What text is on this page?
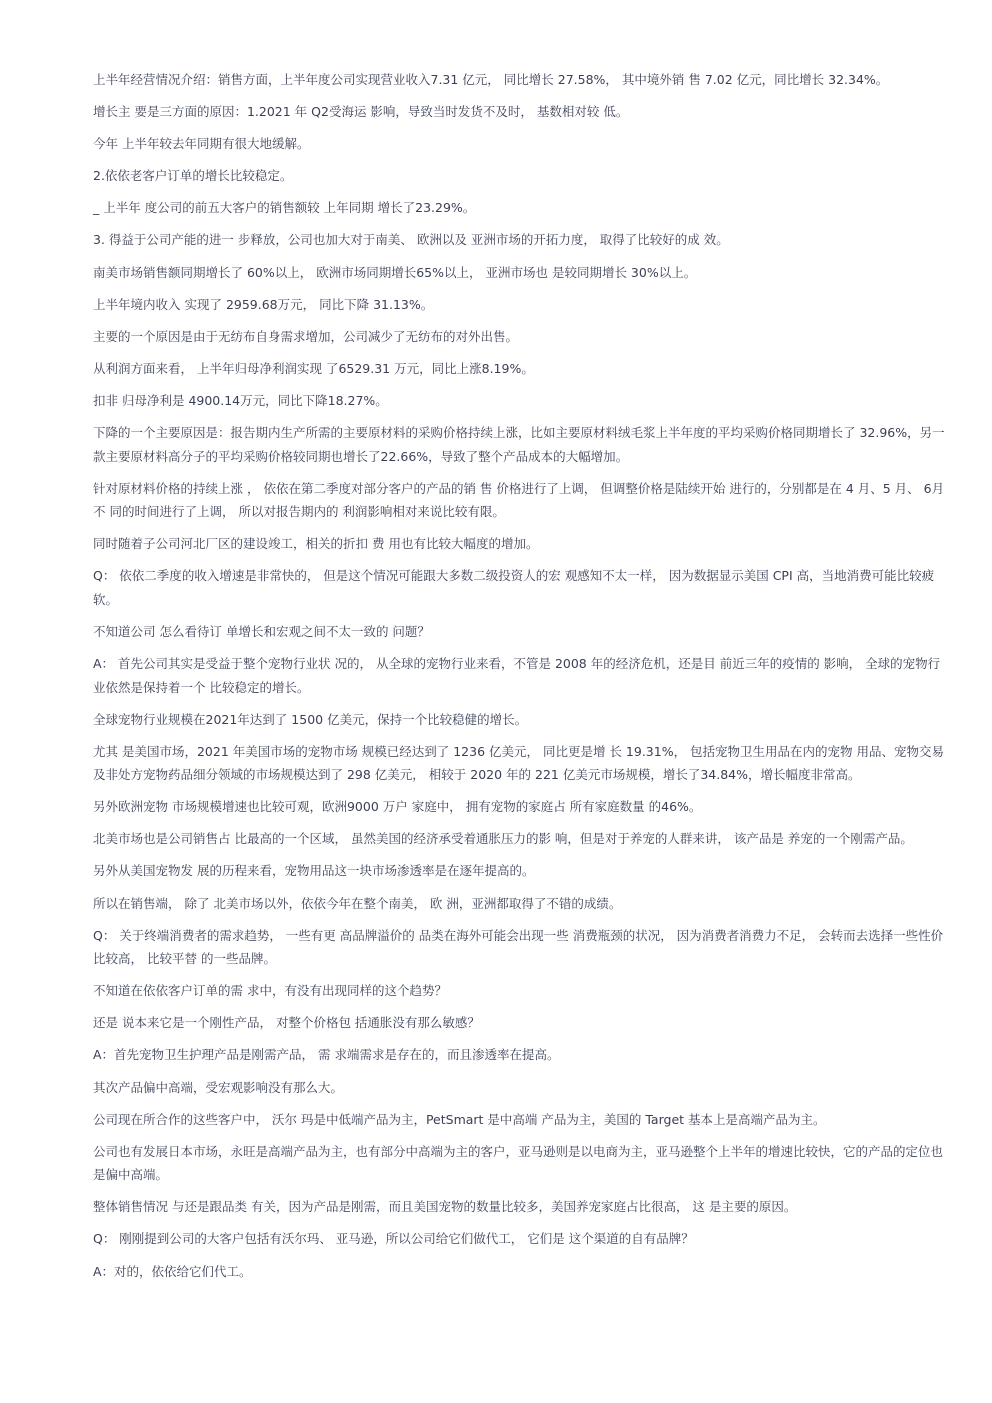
上半年经营情况介绍：销售方面，上半年度公司实现营业收入7.31 亿元， 同比增长 27.58%， 其中境外销 售 7.02 亿元，同比增长 32.34%。

增长主 要是三方面的原因：1.2021 年 Q2受海运 影响，导致当时发货不及时， 基数相对较 低。

今年 上半年较去年同期有很大地缓解。

2.依依老客户订单的增长比较稳定。

_ 上半年 度公司的前五大客户的销售额较 上年同期 增长了23.29%。

3. 得益于公司产能的进一 步释放，公司也加大对于南美、 欧洲以及 亚洲市场的开拓力度， 取得了比较好的成 效。

南美市场销售额同期增长了 60%以上， 欧洲市场同期增长65%以上， 亚洲市场也 是较同期增长 30%以上。

上半年境内收入 实现了 2959.68万元， 同比下降 31.13%。

主要的一个原因是由于无纺布自身需求增加，公司减少了无纺布的对外出售。

从利润方面来看， 上半年归母净利润实现 了6529.31 万元，同比上涨8.19%。

扣非 归母净利是 4900.14万元，同比下降18.27%。

下降的一个主要原因是：报告期内生产所需的主要原材料的采购价格持续上涨，比如主要原材料绒毛浆上半年度的平均采购价格同期增长了 32.96%，另一款主要原材料高分子的平均采购价格较同期也增长了22.66%，导致了整个产品成本的大幅增加。

针对原材料价格的持续上涨 ， 依依在第二季度对部分客户的产品的销 售 价格进行了上调， 但调整价格是陆续开始 进行的，分别都是在 4 月、5 月、 6月不 同的时间进行了上调， 所以对报告期内的 利润影响相对来说比较有限。

同时随着子公司河北厂区的建设竣工，相关的折扣 费 用也有比较大幅度的增加。

Q： 依依二季度的收入增速是非常快的， 但是这个情况可能跟大多数二级投资人的宏 观感知不太一样， 因为数据显示美国 CPI 高，当地消费可能比较疲软。

不知道公司 怎么看待订 单增长和宏观之间不太一致的 问题？

A： 首先公司其实是受益于整个宠物行业状 况的， 从全球的宠物行业来看，不管是 2008 年的经济危机，还是目 前近三年的疫情的 影响， 全球的宠物行业依然是保持着一个 比较稳定的增长。

全球宠物行业规模在2021年达到了 1500 亿美元，保持一个比较稳健的增长。

尤其 是美国市场，2021 年美国市场的宠物市场 规模已经达到了 1236 亿美元， 同比更是增 长 19.31%， 包括宠物卫生用品在内的宠物 用品、宠物交易及非处方宠物药品细分领域的市场规模达到了 298 亿美元， 相较于 2020 年的 221 亿美元市场规模，增长了34.84%，增长幅度非常高。

另外欧洲宠物 市场规模增速也比较可观，欧洲9000 万户 家庭中， 拥有宠物的家庭占 所有家庭数量 的46%。

北美市场也是公司销售占 比最高的一个区域， 虽然美国的经济承受着通胀压力的影 响，但是对于养宠的人群来讲， 该产品是 养宠的一个刚需产品。

另外从美国宠物发 展的历程来看，宠物用品这一块市场渗透率是在逐年提高的。

所以在销售端， 除了 北美市场以外，依依今年在整个南美， 欧 洲，亚洲都取得了不错的成绩。

Q： 关于终端消费者的需求趋势， 一些有更 高品牌溢价的 品类在海外可能会出现一些 消费瓶颈的状况， 因为消费者消费力不足， 会转而去选择一些性价比较高， 比较平替 的一些品牌。

不知道在依依客户订单的需 求中，有没有出现同样的这个趋势？

还是 说本来它是一个刚性产品， 对整个价格包 括通胀没有那么敏感？

A：首先宠物卫生护理产品是刚需产品， 需 求端需求是存在的，而且渗透率在提高。

其次产品偏中高端，受宏观影响没有那么大。

公司现在所合作的这些客户中， 沃尔 玛是中低端产品为主，PetSmart 是中高端 产品为主，美国的 Target 基本上是高端产品为主。

公司也有发展日本市场，永旺是高端产品为主，也有部分中高端为主的客户，亚马逊则是以电商为主，亚马逊整个上半年的增速比较快，它的产品的定位也是偏中高端。

整体销售情况 与还是跟品类 有关，因为产品是刚需，而且美国宠物的数量比较多，美国养宠家庭占比很高， 这 是主要的原因。

Q： 刚刚提到公司的大客户包括有沃尔玛、 亚马逊，所以公司给它们做代工， 它们是 这个渠道的自有品牌？

A：对的，依依给它们代工。
